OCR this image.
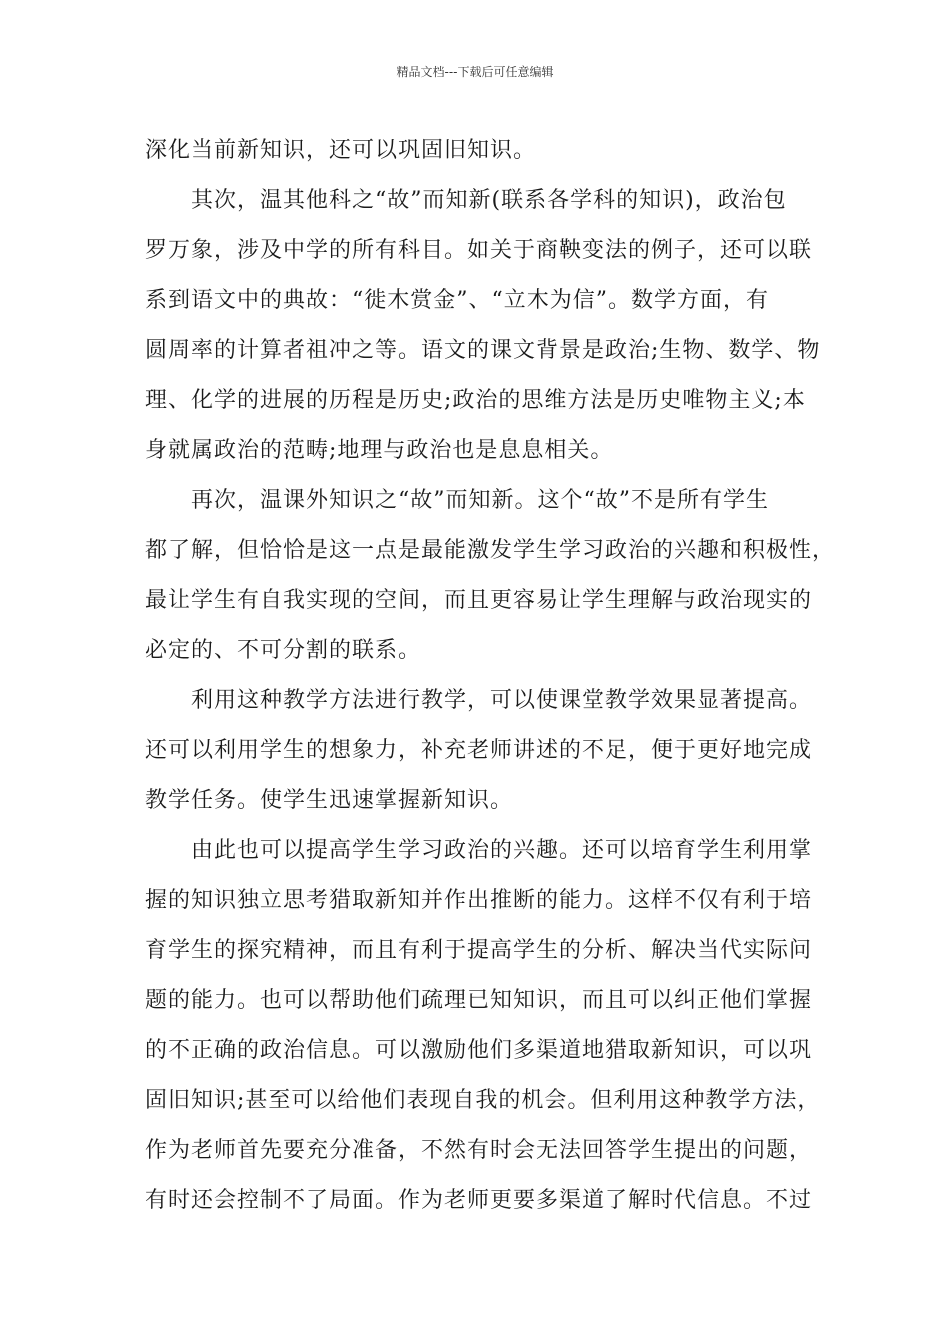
精品文档---下载后可任意编辑
深化当前新知识，还可以巩固旧知识。
　　其次，温其他科之“故”而知新(联系各学科的知识)，政治包
罗万象，涉及中学的所有科目。如关于商鞅变法的例子，还可以联
系到语文中的典故：“徙木赏金”、“立木为信”。数学方面，有
圆周率的计算者祖冲之等。语文的课文背景是政治;生物、数学、物
理、化学的进展的历程是历史;政治的思维方法是历史唯物主义;本
身就属政治的范畴;地理与政治也是息息相关。
　　再次，温课外知识之“故”而知新。这个“故”不是所有学生
都了解，但恰恰是这一点是最能激发学生学习政治的兴趣和积极性，
最让学生有自我实现的空间，而且更容易让学生理解与政治现实的
必定的、不可分割的联系。
　　利用这种教学方法进行教学，可以使课堂教学效果显著提高。
还可以利用学生的想象力，补充老师讲述的不足，便于更好地完成
教学任务。使学生迅速掌握新知识。
　　由此也可以提高学生学习政治的兴趣。还可以培育学生利用掌
握的知识独立思考猎取新知并作出推断的能力。这样不仅有利于培
育学生的探究精神，而且有利于提高学生的分析、解决当代实际问
题的能力。也可以帮助他们疏理已知知识，而且可以纠正他们掌握
的不正确的政治信息。可以激励他们多渠道地猎取新知识，可以巩
固旧知识;甚至可以给他们表现自我的机会。但利用这种教学方法，
作为老师首先要充分准备，不然有时会无法回答学生提出的问题，
有时还会控制不了局面。作为老师更要多渠道了解时代信息。不过
